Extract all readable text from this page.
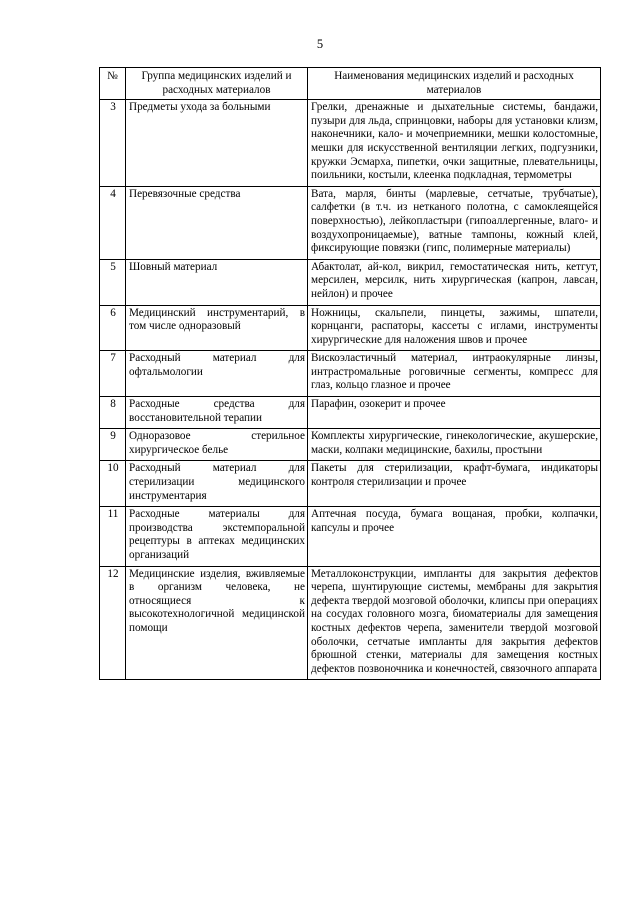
5
№	Группа медицинских изделий и расходных материалов	Наименования медицинских изделий и расходных материалов
3	Предметы ухода за больными	Грелки, дренажные и дыхательные системы, бандажи, пузыри для льда, спринцовки, наборы для установки клизм, наконечники, кало- и мочеприемники, мешки колостомные, мешки для искусственной вентиляции легких, подгузники, кружки Эсмарха, пипетки, очки защитные, плевательницы, поильники, костыли, клеенка подкладная, термометры
4	Перевязочные средства	Вата, марля, бинты (марлевые, сетчатые, трубчатые), салфетки (в т.ч. из нетканого полотна, с самоклеящейся поверхностью), лейкопластыри (гипоаллергенные, влаго- и воздухопроницаемые), ватные тампоны, кожный клей, фиксирующие повязки (гипс, полимерные материалы)
5	Шовный материал	Абактолат, ай-кол, викрил, гемостатическая нить, кетгут, мерсилен, мерсилк, нить хирургическая (капрон, лавсан, нейлон) и прочее
6	Медицинский инструментарий, в том числе одноразовый	Ножницы, скальпели, пинцеты, зажимы, шпатели, корнцанги, распаторы, кассеты с иглами, инструменты хирургические для наложения швов и прочее
7	Расходный материал для офтальмологии	Вискоэластичный материал, интраокулярные линзы, интрастромальные роговичные сегменты, компресс для глаз, кольцо глазное и прочее
8	Расходные средства для восстановительной терапии	Парафин, озокерит и прочее
9	Одноразовое стерильное хирургическое белье	Комплекты хирургические, гинекологические, акушерские, маски, колпаки медицинские, бахилы, простыни
10	Расходный материал для стерилизации медицинского инструментария	Пакеты для стерилизации, крафт-бумага, индикаторы контроля стерилизации и прочее
11	Расходные материалы для производства экстемпоральной рецептуры в аптеках медицинских организаций	Аптечная посуда, бумага вощаная, пробки, колпачки, капсулы и прочее
12	Медицинские изделия, вживляемые в организм человека, не относящиеся к высокотехнологичной медицинской помощи	Металлоконструкции, импланты для закрытия дефектов черепа, шунтирующие системы, мембраны для закрытия дефекта твердой мозговой оболочки, клипсы при операциях на сосудах головного мозга, биоматериалы для замещения костных дефектов черепа, заменители твердой мозговой оболочки, сетчатые импланты для закрытия дефектов брюшной стенки, материалы для замещения костных дефектов позвоночника и конечностей, связочного аппарата
